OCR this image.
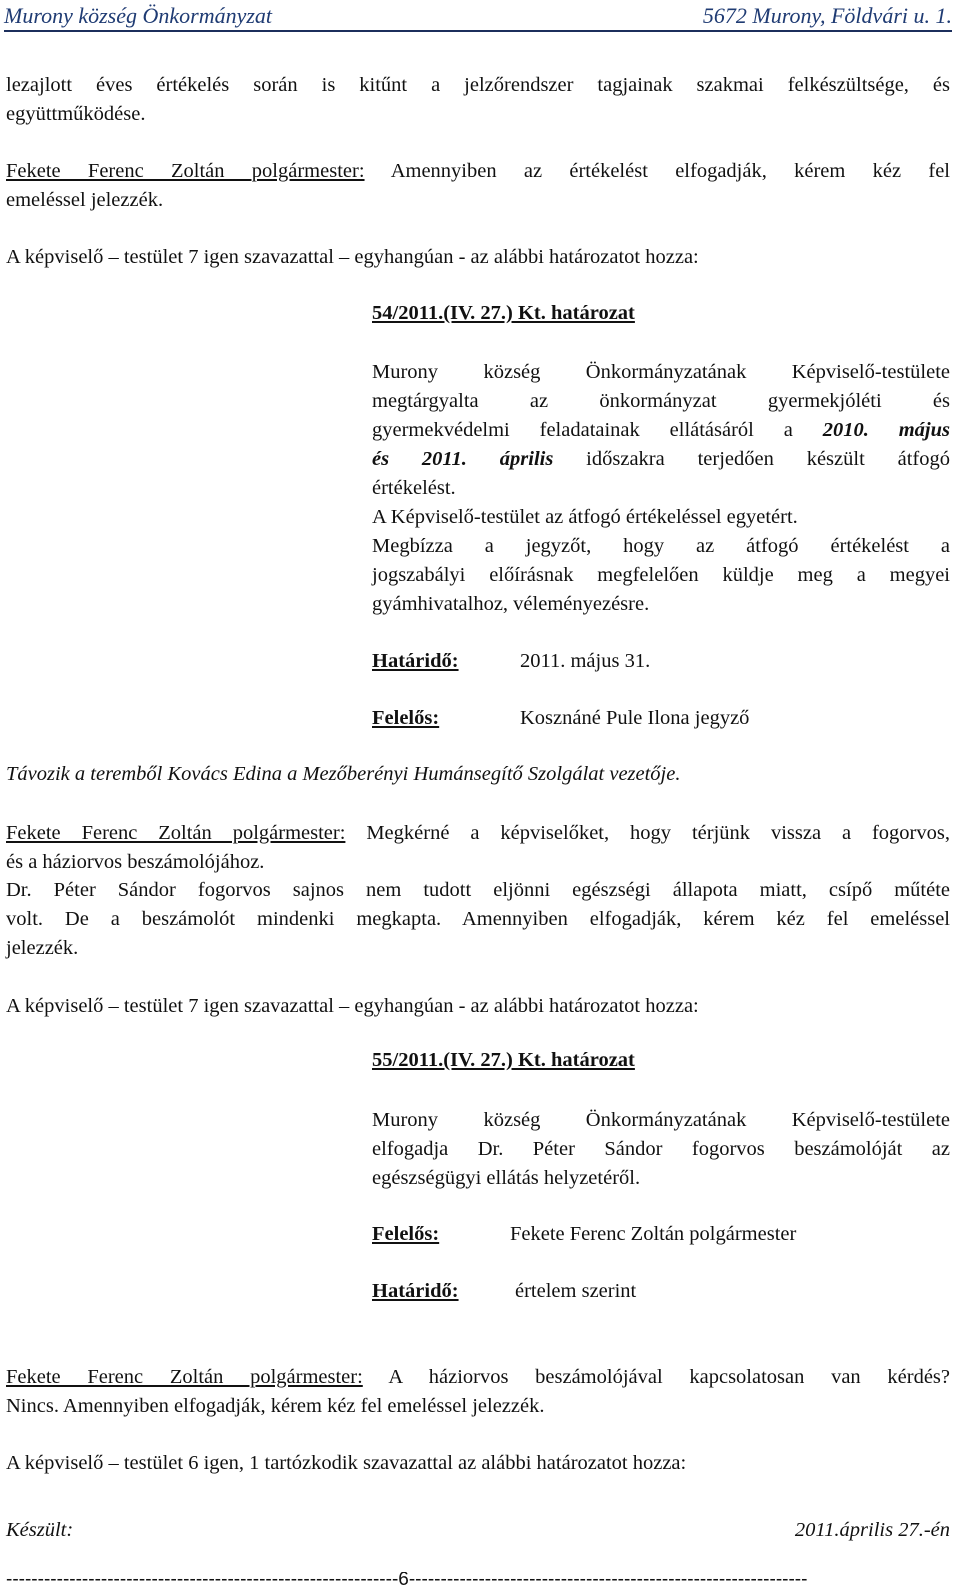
Murony község Önkormányzat	5672 Murony, Földvári u. 1.
lezajlott éves értékelés során is kitűnt a jelzőrendszer tagjainak szakmai felkészültsége, és
együttműködése.
Fekete Ferenc Zoltán polgármester: Amennyiben az értékelést elfogadják, kérem kéz fel
emeléssel jelezzék.
A képviselő – testület 7 igen szavazattal – egyhangúan - az alábbi határozatot hozza:
54/2011.(IV. 27.) Kt. határozat
Murony község Önkormányzatának Képviselő-testülete
megtárgyalta az önkormányzat gyermekjóléti és
gyermekvédelmi feladatainak ellátásáról a 2010. május
és 2011. április időszakra terjedően készült átfogó
értékelést.
A Képviselő-testület az átfogó értékeléssel egyetért.
Megbízza a jegyzőt, hogy az átfogó értékelést a
jogszabályi előírásnak megfelelően küldje meg a megyei
gyámhivatalhoz, véleményezésre.
Határidő:	2011. május 31.
Felelős:	Kosznáné Pule Ilona jegyző
Távozik a teremből Kovács Edina a Mezőberényi Humánsegítő Szolgálat vezetője.
Fekete Ferenc Zoltán polgármester: Megkérné a képviselőket, hogy térjünk vissza a fogorvos,
és a háziorvos beszámolójához.
Dr. Péter Sándor fogorvos sajnos nem tudott eljönni egészségi állapota miatt, csípő műtéte
volt. De a beszámolót mindenki megkapta. Amennyiben elfogadják, kérem kéz fel emeléssel
jelezzék.
A képviselő – testület 7 igen szavazattal – egyhangúan - az alábbi határozatot hozza:
55/2011.(IV. 27.) Kt. határozat
Murony község Önkormányzatának Képviselő-testülete
elfogadja Dr. Péter Sándor fogorvos beszámolóját az
egészségügyi ellátás helyzetéről.
Felelős:	Fekete Ferenc Zoltán polgármester
Határidő:	értelem szerint
Fekete Ferenc Zoltán polgármester: A háziorvos beszámolójával kapcsolatosan van kérdés?
Nincs. Amennyiben elfogadják, kérem kéz fel emeléssel jelezzék.
A képviselő – testület 6 igen, 1 tartózkodik szavazattal az alábbi határozatot hozza:
Készült:	2011.április 27.-én
--------------------------------------------------------------6---------------------------------------------------------------
